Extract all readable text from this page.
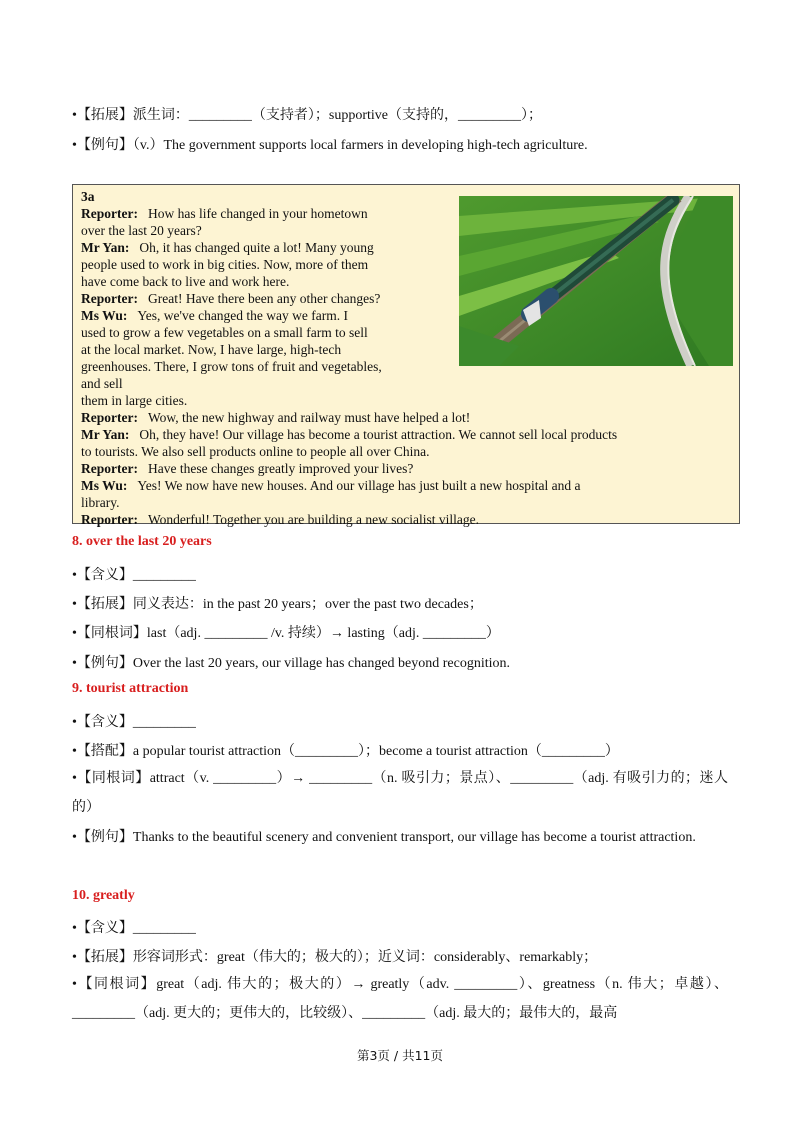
•【拓展】派生词：_________（支持者）；supportive（支持的，_________）；
•【例句】（v.）The government supports local farmers in developing high-tech agriculture.
3a
Reporter: How has life changed in your hometown
over the last 20 years?
Mr Yan: Oh, it has changed quite a lot! Many young
people used to work in big cities. Now, more of them
have come back to live and work here.
Reporter: Great! Have there been any other changes?
Ms Wu: Yes, we've changed the way we farm. I
used to grow a few vegetables on a small farm to sell
at the local market. Now, I have large, high-tech
greenhouses. There, I grow tons of fruit and vegetables,
and sell
them in large cities.
Reporter: Wow, the new highway and railway must have helped a lot!
Mr Yan: Oh, they have! Our village has become a tourist attraction. We cannot sell local products
to tourists. We also sell products online to people all over China.
Reporter: Have these changes greatly improved your lives?
Ms Wu: Yes! We now have new houses. And our village has just built a new hospital and a
library.
Reporter: Wonderful! Together you are building a new socialist village.
8. over the last 20 years
•【含义】_________
•【拓展】同义表达：in the past 20 years；over the past two decades；
•【同根词】last（adj. _________ /v. 持续）→ lasting（adj. _________）
•【例句】Over the last 20 years, our village has changed beyond recognition.
9. tourist attraction
•【含义】_________
•【搭配】a popular tourist attraction（_________）；become a tourist attraction（_________）
•【同根词】attract（v. _________）→ _________（n. 吸引力；景点）、_________（adj. 有吸引力的；迷人的）
•【例句】Thanks to the beautiful scenery and convenient transport, our village has become a tourist attraction.
10. greatly
•【含义】_________
•【拓展】形容词形式：great（伟大的；极大的）；近义词：considerably、remarkably；
•【同根词】great（adj. 伟大的；极大的）→ greatly（adv. _________）、greatness（n. 伟大；卓越）、_________（adj. 更大的；更伟大的，比较级）、_________（adj. 最大的；最伟大的，最高
第3页 / 共11页
